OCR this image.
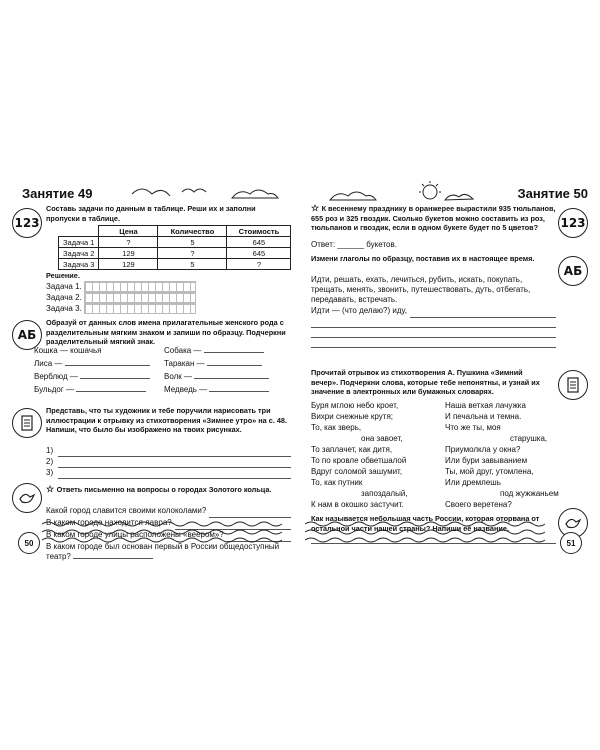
Занятие 49
123
Составь задачи по данным в таблице. Реши их и заполни пропуски в таблице.
	Цена	Количество	Стоимость
Задача 1	?	5	645
Задача 2	129	?	645
Задача 3	129	5	?
Решение.
Задача 1.
Задача 2.
Задача 3.
АБ
Образуй от данных слов имена прилагательные женского рода с разделительным мягким знаком и запиши по образцу. Подчеркни разделительный мягкий знак.
Кошка — кошачья	Собака —
Лиса —	Таракан —
Верблюд —	Волк —
Бульдог —	Медведь —
Представь, что ты художник и тебе поручили нарисовать три иллюстрации к отрывку из стихотворения «Зимнее утро» на с. 48. Напиши, что было бы изображено на твоих рисунках.
1)
2)
3)
☆ Ответь письменно на вопросы о городах Золотого кольца.
Какой город славится своими колоколами?
В каком городе находится лавра?
В каком городе улицы расположены «веером»?
В каком городе был основан первый в России общедоступный театр?
50
Занятие 50
☆ К весеннему празднику в оранжерее вырастили 935 тюльпанов, 655 роз и 325 гвоздик. Сколько букетов можно составить из роз, тюльпанов и гвоздик, если в одном букете будет по 5 цветов?	123
Ответ: ______ букетов.
Измени глаголы по образцу, поставив их в настоящее время.
АБ
Идти, решать, ехать, лечиться, рубить, искать, покупать, трещать, менять, звонить, путешествовать, дуть, отбегать, передавать, встречать.
Идти — (что делаю?) иду,
Прочитай отрывок из стихотворения А. Пушкина «Зимний вечер». Подчеркни слова, которые тебе непонятны, и узнай их значение в электронных или бумажных словарях.
Буря мглою небо кроет,
Вихри снежные крутя;
То, как зверь,
она завоет,
То заплачет, как дитя,
То по кровле обветшалой
Вдруг соломой зашумит,
То, как путник
запоздалый,
К нам в окошко застучит.
Наша ветхая лачужка
И печальна и темна.
Что же ты, моя
старушка,
Приумолкла у окна?
Или бури завыванием
Ты, мой друг, утомлена,
Или дремлешь
под жужжаньем
Своего веретена?
Как называется небольшая часть России, которая оторвана от остальной части нашей страны? Напиши её название.
51
